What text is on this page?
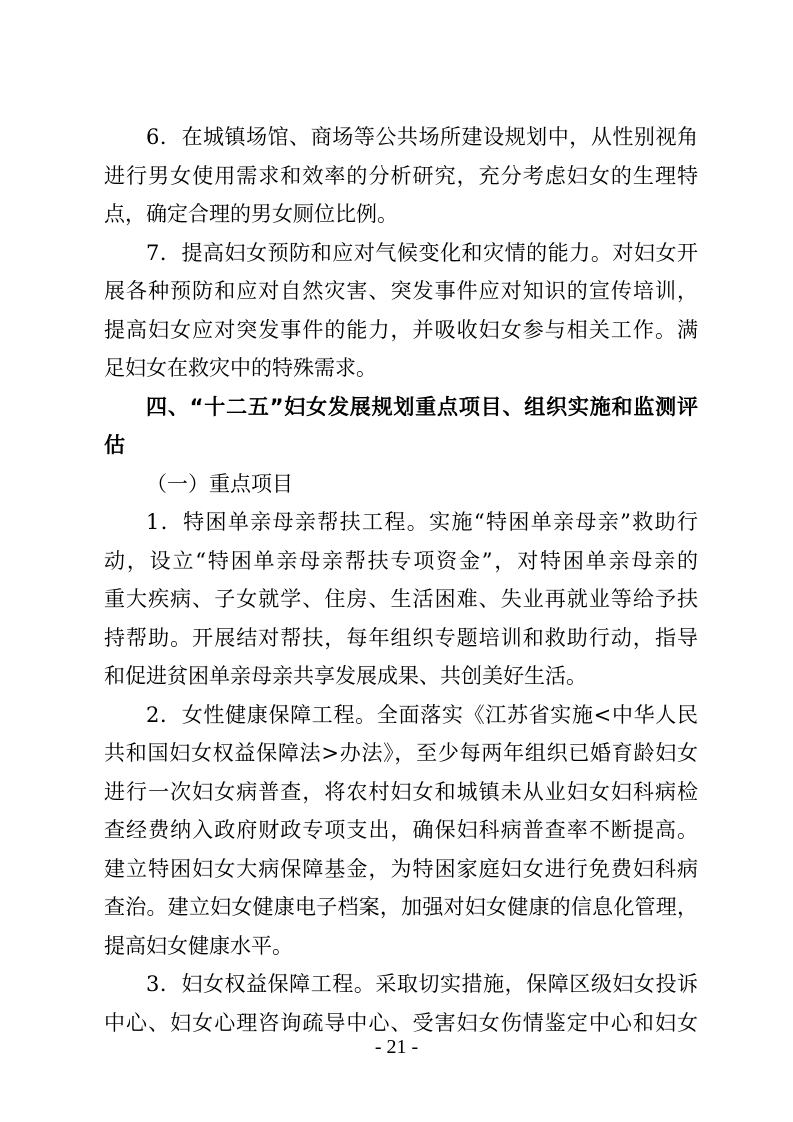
6．在城镇场馆、商场等公共场所建设规划中，从性别视角
进行男女使用需求和效率的分析研究，充分考虑妇女的生理特
点，确定合理的男女厕位比例。
7．提高妇女预防和应对气候变化和灾情的能力。对妇女开
展各种预防和应对自然灾害、突发事件应对知识的宣传培训，
提高妇女应对突发事件的能力，并吸收妇女参与相关工作。满
足妇女在救灾中的特殊需求。
四、“十二五”妇女发展规划重点项目、组织实施和监测评
估
（一）重点项目
1．特困单亲母亲帮扶工程。实施“特困单亲母亲”救助行
动，设立“特困单亲母亲帮扶专项资金”，对特困单亲母亲的
重大疾病、子女就学、住房、生活困难、失业再就业等给予扶
持帮助。开展结对帮扶，每年组织专题培训和救助行动，指导
和促进贫困单亲母亲共享发展成果、共创美好生活。
2．女性健康保障工程。全面落实《江苏省实施<中华人民
共和国妇女权益保障法>办法》，至少每两年组织已婚育龄妇女
进行一次妇女病普查，将农村妇女和城镇未从业妇女妇科病检
查经费纳入政府财政专项支出，确保妇科病普查率不断提高。
建立特困妇女大病保障基金，为特困家庭妇女进行免费妇科病
查治。建立妇女健康电子档案，加强对妇女健康的信息化管理，
提高妇女健康水平。
3．妇女权益保障工程。采取切实措施，保障区级妇女投诉
中心、妇女心理咨询疏导中心、受害妇女伤情鉴定中心和妇女
- 21 -
